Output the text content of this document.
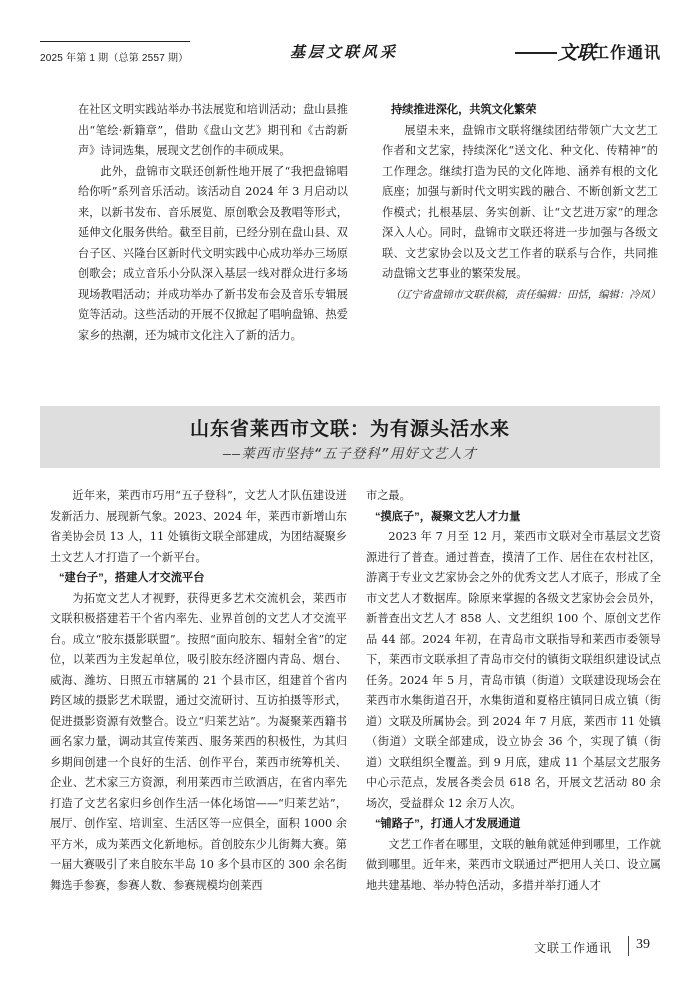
2025 年第 1 期（总第 2557 期）	基层文联风采	文联
工作通讯

在社区文明实践站举办书法展览和培训活动；盘山县推出“笔绘·新籍章”，借助《盘山文艺》期刊和《古韵新声》诗词选集，展现文艺创作的丰硕成果。

此外，盘锦市文联还创新性地开展了“我把盘锦唱给你听”系列音乐活动。该活动自 2024 年 3 月启动以来，以新书发布、音乐展览、原创歌会及教唱等形式，延伸文化服务供给。截至目前，已经分别在盘山县、双台子区、兴隆台区新时代文明实践中心成功举办三场原创歌会；成立音乐小分队深入基层一线对群众进行多场现场教唱活动；并成功举办了新书发布会及音乐专辑展览等活动。这些活动的开展不仅掀起了唱响盘锦、热爱家乡的热潮，还为城市文化注入了新的活力。

持续推进深化，共筑文化繁荣

展望未来，盘锦市文联将继续团结带领广大文艺工作者和文艺家，持续深化“送文化、种文化、传精神”的工作理念。继续打造为民的文化阵地、涵养有根的文化底座；加强与新时代文明实践的融合、不断创新文艺工作模式；扎根基层、务实创新、让“文艺进万家”的理念深入人心。同时，盘锦市文联还将进一步加强与各级文联、文艺家协会以及文艺工作者的联系与合作，共同推动盘锦文艺事业的繁荣发展。

（辽宁省盘锦市文联供稿，责任编辑：田恬，编辑：冷凤）

山东省莱西市文联：为有源头活水来
——莱西市坚持“五子登科”用好文艺人才

近年来，莱西市巧用“五子登科”，文艺人才队伍建设迸发新活力、展现新气象。2023、2024 年，莱西市新增山东省美协会员 13 人，11 处镇街文联全部建成，为团结凝聚乡土文艺人才打造了一个新平台。

“建台子”，搭建人才交流平台

为拓宽文艺人才视野，获得更多艺术交流机会，莱西市文联积极搭建若干个省内率先、业界首创的文艺人才交流平台。成立“胶东摄影联盟”。按照“面向胶东、辐射全省”的定位，以莱西为主发起单位，吸引胶东经济圈内青岛、烟台、威海、潍坊、日照五市辖属的 21 个县市区，组建首个省内跨区域的摄影艺术联盟，通过交流研讨、互访拍摄等形式，促进摄影资源有效整合。设立“归莱艺站”。为凝聚莱西籍书画名家力量，调动其宣传莱西、服务莱西的积极性，为其归乡期间创建一个良好的生活、创作平台，莱西市统筹机关、企业、艺术家三方资源，利用莱西市兰欧酒店，在省内率先打造了文艺名家归乡创作生活一体化场馆——“归莱艺站”，展厅、创作室、培训室、生活区等一应俱全，面积 1000 余平方米，成为莱西文化新地标。首创胶东少儿街舞大赛。第一届大赛吸引了来自胶东半岛 10 多个县市区的 300 余名街舞选手参赛，参赛人数、参赛规模均创莱西

市之最。

“摸底子”，凝聚文艺人才力量

2023 年 7 月至 12 月，莱西市文联对全市基层文艺资源进行了普查。通过普查，摸清了工作、居住在农村社区，游离于专业文艺家协会之外的优秀文艺人才底子，形成了全市文艺人才数据库。除原来掌握的各级文艺家协会会员外，新普查出文艺人才 858 人、文艺组织 100 个、原创文艺作品 44 部。2024 年初，在青岛市文联指导和莱西市委领导下，莱西市文联承担了青岛市交付的镇街文联组织建设试点任务。2024 年 5 月，青岛市镇（街道）文联建设现场会在莱西市水集街道召开，水集街道和夏格庄镇同日成立镇（街道）文联及所属协会。到 2024 年 7 月底，莱西市 11 处镇（街道）文联全部建成，设立协会 36 个，实现了镇（街道）文联组织全覆盖。到 9 月底，建成 11 个基层文艺服务中心示范点，发展各类会员 618 名，开展文艺活动 80 余场次，受益群众 12 余万人次。

“铺路子”，打通人才发展通道

文艺工作者在哪里，文联的触角就延伸到哪里，工作就做到哪里。近年来，莱西市文联通过严把用人关口、设立属地共建基地、举办特色活动，多措并举打通人才

文联工作通讯 39
